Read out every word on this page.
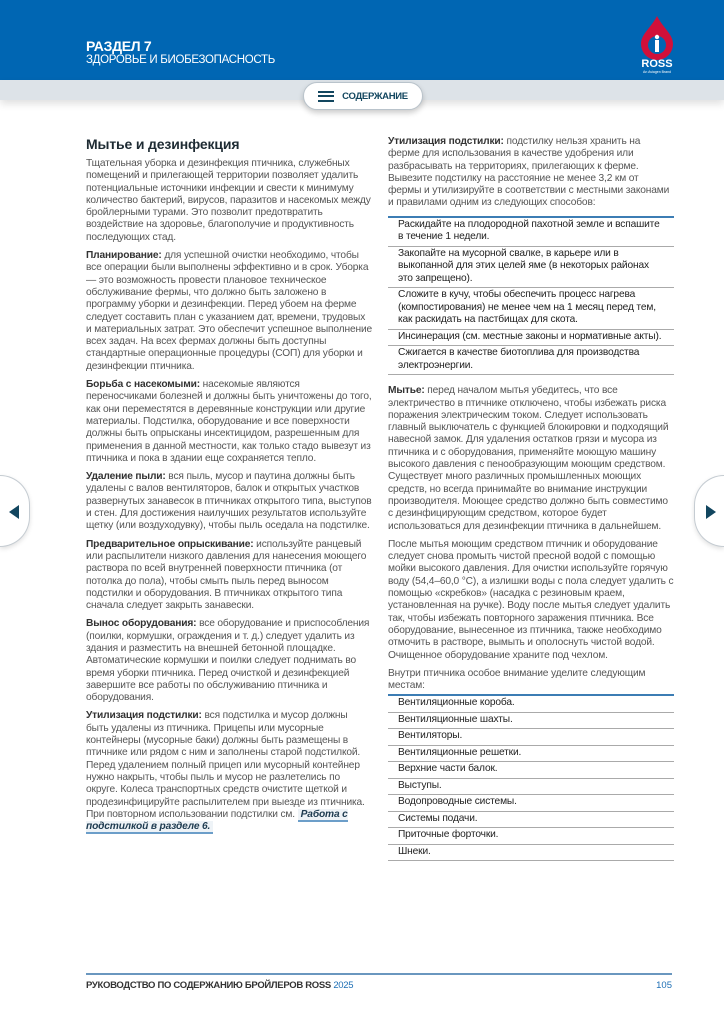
РАЗДЕЛ 7
ЗДОРОВЬЕ И БИОБЕЗОПАСНОСТЬ	ROSS
An Aviagen Brand
СОДЕРЖАНИЕ
Мытье и дезинфекция

Тщательная уборка и дезинфекция птичника, служебных помещений и прилегающей территории позволяет удалить потенциальные источники инфекции и свести к минимуму количество бактерий, вирусов, паразитов и насекомых между бройлерными турами. Это позволит предотвратить воздействие на здоровье, благополучие и продуктивность последующих стад.

Планирование: для успешной очистки необходимо, чтобы все операции были выполнены эффективно и в срок. Уборка — это возможность провести плановое техническое обслуживание фермы, что должно быть заложено в программу уборки и дезинфекции. Перед убоем на ферме следует составить план с указанием дат, времени, трудовых и материальных затрат. Это обеспечит успешное выполнение всех задач. На всех фермах должны быть доступны стандартные операционные процедуры (СОП) для уборки и дезинфекции птичника.

Борьба с насекомыми: насекомые являются переносчиками болезней и должны быть уничтожены до того, как они переместятся в деревянные конструкции или другие материалы. Подстилка, оборудование и все поверхности должны быть опрысканы инсектицидом, разрешенным для применения в данной местности, как только стадо вывезут из птичника и пока в здании еще сохраняется тепло.

Удаление пыли: вся пыль, мусор и паутина должны быть удалены с валов вентиляторов, балок и открытых участков развернутых занавесок в птичниках открытого типа, выступов и стен. Для достижения наилучших результатов используйте щетку (или воздуходувку), чтобы пыль оседала на подстилке.

Предварительное опрыскивание: используйте ранцевый или распылители низкого давления для нанесения моющего раствора по всей внутренней поверхности птичника (от потолка до пола), чтобы смыть пыль перед выносом подстилки и оборудования. В птичниках открытого типа сначала следует закрыть занавески.

Вынос оборудования: все оборудование и приспособления (поилки, кормушки, ограждения и т. д.) следует удалить из здания и разместить на внешней бетонной площадке. Автоматические кормушки и поилки следует поднимать во время уборки птичника. Перед очисткой и дезинфекцией завершите все работы по обслуживанию птичника и оборудования.

Утилизация подстилки: вся подстилка и мусор должны быть удалены из птичника. Прицепы или мусорные контейнеры (мусорные баки) должны быть размещены в птичнике или рядом с ним и заполнены старой подстилкой. Перед удалением полный прицеп или мусорный контейнер нужно накрыть, чтобы пыль и мусор не разлетелись по округе. Колеса транспортных средств очистите щеткой и продезинфицируйте распылителем при выезде из птичника. При повторном использовании подстилки см. Работа с подстилкой в разделе 6.

Утилизация подстилки: подстилку нельзя хранить на ферме для использования в качестве удобрения или разбрасывать на территориях, прилегающих к ферме. Вывезите подстилку на расстояние не менее 3,2 км от фермы и утилизируйте в соответствии с местными законами и правилами одним из следующих способов:

Раскидайте на плодородной пахотной земле и вспашите в течение 1 недели.
Закопайте на мусорной свалке, в карьере или в выкопанной для этих целей яме (в некоторых районах это запрещено).
Сложите в кучу, чтобы обеспечить процесс нагрева (компостирования) не менее чем на 1 месяц перед тем, как раскидать на пастбищах для скота.
Инсинерация (см. местные законы и нормативные акты).
Сжигается в качестве биотоплива для производства электроэнергии.

Мытье: перед началом мытья убедитесь, что все электричество в птичнике отключено, чтобы избежать риска поражения электрическим током. Следует использовать главный выключатель с функцией блокировки и подходящий навесной замок. Для удаления остатков грязи и мусора из птичника и с оборудования, применяйте моющую машину высокого давления с пенообразующим моющим средством. Существует много различных промышленных моющих средств, но всегда принимайте во внимание инструкции производителя. Моющее средство должно быть совместимо с дезинфицирующим средством, которое будет использоваться для дезинфекции птичника в дальнейшем.

После мытья моющим средством птичник и оборудование следует снова промыть чистой пресной водой с помощью мойки высокого давления. Для очистки используйте горячую воду (54,4–60,0 °C), а излишки воды с пола следует удалить с помощью «скребков» (насадка с резиновым краем, установленная на ручке). Воду после мытья следует удалить так, чтобы избежать повторного заражения птичника. Все оборудование, вынесенное из птичника, также необходимо отмочить в растворе, вымыть и ополоснуть чистой водой. Очищенное оборудование храните под чехлом.

Внутри птичника особое внимание уделите следующим местам:

Вентиляционные короба.
Вентиляционные шахты.
Вентиляторы.
Вентиляционные решетки.
Верхние части балок.
Выступы.
Водопроводные системы.
Системы подачи.
Приточные форточки.
Шнеки.
РУКОВОДСТВО ПО СОДЕРЖАНИЮ БРОЙЛЕРОВ ROSS 2025	105
